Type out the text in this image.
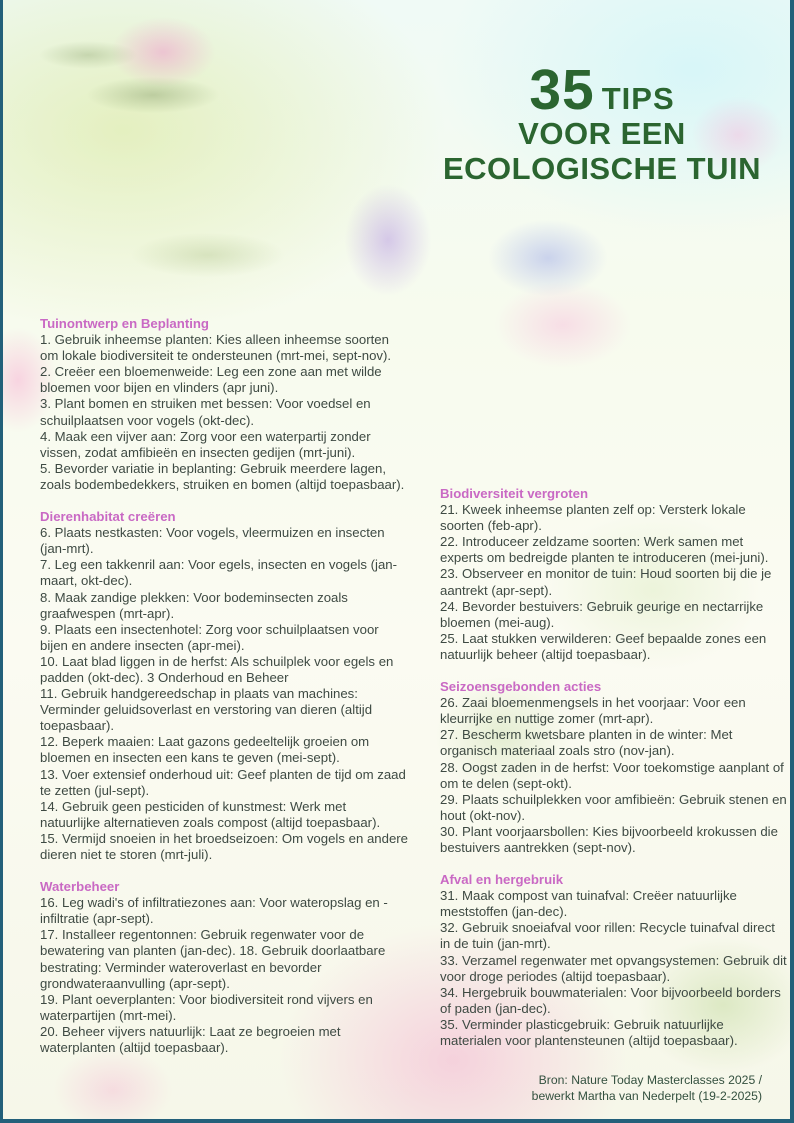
35 TIPS
VOOR EEN
ECOLOGISCHE TUIN
Tuinontwerp en Beplanting

1. Gebruik inheemse planten: Kies alleen inheemse soorten om lokale biodiversiteit te ondersteunen (mrt-mei, sept-nov).

2. Creëer een bloemenweide: Leg een zone aan met wilde bloemen voor bijen en vlinders (apr juni).

3. Plant bomen en struiken met bessen: Voor voedsel en schuilplaatsen voor vogels (okt-dec).

4. Maak een vijver aan: Zorg voor een waterpartij zonder vissen, zodat amfibieën en insecten gedijen (mrt-juni).

5. Bevorder variatie in beplanting: Gebruik meerdere lagen, zoals bodembedekkers, struiken en bomen (altijd toepasbaar).

Dierenhabitat creëren

6. Plaats nestkasten: Voor vogels, vleermuizen en insecten (jan-mrt).

7. Leg een takkenril aan: Voor egels, insecten en vogels (jan-maart, okt-dec).

8. Maak zandige plekken: Voor bodeminsecten zoals graafwespen (mrt-apr).

9. Plaats een insectenhotel: Zorg voor schuilplaatsen voor bijen en andere insecten (apr-mei).

10. Laat blad liggen in de herfst: Als schuilplek voor egels en padden (okt-dec). 3 Onderhoud en Beheer

11. Gebruik handgereedschap in plaats van machines: Verminder geluidsoverlast en verstoring van dieren (altijd toepasbaar).

12. Beperk maaien: Laat gazons gedeeltelijk groeien om bloemen en insecten een kans te geven (mei-sept).

13. Voer extensief onderhoud uit: Geef planten de tijd om zaad te zetten (jul-sept).

14. Gebruik geen pesticiden of kunstmest: Werk met natuurlijke alternatieven zoals compost (altijd toepasbaar).

15. Vermijd snoeien in het broedseizoen: Om vogels en andere dieren niet te storen (mrt-juli).

Waterbeheer

16. Leg wadi's of infiltratiezones aan: Voor wateropslag en -infiltratie (apr-sept).

17. Installeer regentonnen: Gebruik regenwater voor de bewatering van planten (jan-dec). 18. Gebruik doorlaatbare bestrating: Verminder wateroverlast en bevorder grondwateraanvulling (apr-sept).

19. Plant oeverplanten: Voor biodiversiteit rond vijvers en waterpartijen (mrt-mei).

20. Beheer vijvers natuurlijk: Laat ze begroeien met waterplanten (altijd toepasbaar).

Biodiversiteit vergroten

21. Kweek inheemse planten zelf op: Versterk lokale soorten (feb-apr).

22. Introduceer zeldzame soorten: Werk samen met experts om bedreigde planten te introduceren (mei-juni).

23. Observeer en monitor de tuin: Houd soorten bij die je aantrekt (apr-sept).

24. Bevorder bestuivers: Gebruik geurige en nectarrijke bloemen (mei-aug).

25. Laat stukken verwilderen: Geef bepaalde zones een natuurlijk beheer (altijd toepasbaar).

Seizoensgebonden acties

26. Zaai bloemenmengsels in het voorjaar: Voor een kleurrijke en nuttige zomer (mrt-apr).

27. Bescherm kwetsbare planten in de winter: Met organisch materiaal zoals stro (nov-jan).

28. Oogst zaden in de herfst: Voor toekomstige aanplant of om te delen (sept-okt).

29. Plaats schuilplekken voor amfibieën: Gebruik stenen en hout (okt-nov).

30. Plant voorjaarsbollen: Kies bijvoorbeeld krokussen die bestuivers aantrekken (sept-nov).

Afval en hergebruik

31. Maak compost van tuinafval: Creëer natuurlijke meststoffen (jan-dec).

32. Gebruik snoeiafval voor rillen: Recycle tuinafval direct in de tuin (jan-mrt).

33. Verzamel regenwater met opvangsystemen: Gebruik dit voor droge periodes (altijd toepasbaar).

34. Hergebruik bouwmaterialen: Voor bijvoorbeeld borders of paden (jan-dec).

35. Verminder plasticgebruik: Gebruik natuurlijke materialen voor plantensteunen (altijd toepasbaar).

Bron: Nature Today Masterclasses 2025 /
bewerkt Martha van Nederpelt (19-2-2025)
